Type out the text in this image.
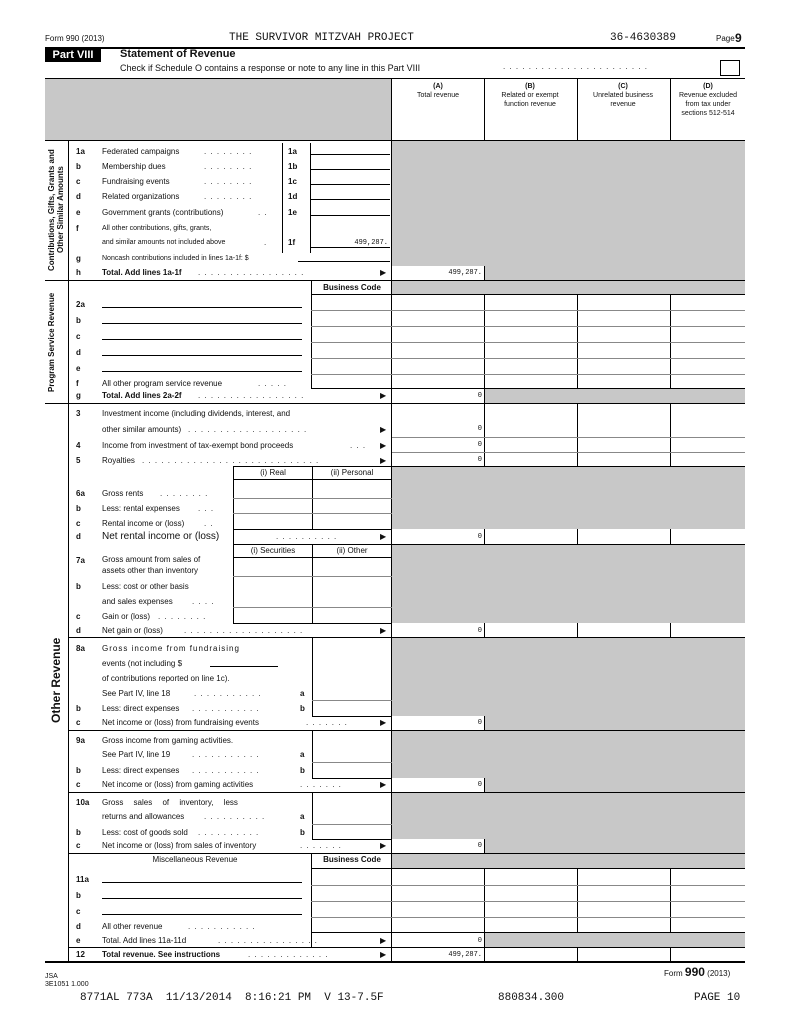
Form 990 (2013)	THE SURVIVOR MITZVAH PROJECT	36-4630389	Page 9
Part VIII	Statement of Revenue
Check if Schedule O contains a response or note to any line in this Part VIII	. . . . . . . . . . . . . . . . . . . . . . .
(A)
Total revenue
(B)
Related or exempt function revenue
(C)
Unrelated business revenue
(D)
Revenue excluded from tax under sections 512-514
Contributions, Gifts, Grants and Other Similar Amounts
1a	Federated campaigns	. . . . . . . .	1a
b	Membership dues	. . . . . . . .	1b
c	Fundraising events	. . . . . . . .	1c
d	Related organizations	. . . . . . . .	1d
e	Government grants (contributions)	. .	1e
f	All other contributions, gifts, grants,
and similar amounts not included above	.	1f	499,287.
g	Noncash contributions included in lines 1a-1f: $
h	Total. Add lines 1a-1f . . . . . . . . . . . . . . . . .	▶	499,287.
Program Service Revenue
Business Code
2a
b
c
d
e
f	All other program service revenue	. . . . .
g	Total. Add lines 2a-2f . . . . . . . . . . . . . . . . .	▶	0
Other Revenue
3	Investment income (including dividends, interest, and
other similar amounts) . . . . . . . . . . . . . . . . . . .	▶	0
4	Income from investment of tax-exempt bond proceeds	. . . ▶	0
5	Royalties . . . . . . . . . . . . . . . . . . . . . . . . . . . .	▶	0
(i) Real	(ii) Personal
6a	Gross rents . . . . . . . .
b	Less: rental expenses . . .
c	Rental income or (loss) . .
d	Net rental income or (loss)	. . . . . . . . . .	▶	0
(i) Securities	(ii) Other
7a	Gross amount from sales of
assets other than inventory
b	Less: cost or other basis
and sales expenses . . . .
c	Gain or (loss) . . . . . . . .
d	Net gain or (loss)	. . . . . . . . . . . . . . . . . . .	▶	0
8a	Gross income from fundraising
events (not including $
of contributions reported on line 1c).
See Part IV, line 18	. . . . . . . . . . .	a
b	Less: direct expenses . . . . . . . . . . .	b
c	Net income or (loss) from fundraising events	. . . . . . .	▶	0
9a	Gross income from gaming activities.
See Part IV, line 19	. . . . . . . . . . .	a
b	Less: direct expenses . . . . . . . . . . .	b
c	Net income or (loss) from gaming activities	. . . . . . .	▶	0
10a	Gross sales of inventory, less
returns and allowances . . . . . . . . . .	a
b	Less: cost of goods sold . . . . . . . . . .	b
c	Net income or (loss) from sales of inventory	. . . . . . .	▶	0
Miscellaneous Revenue	Business Code
11a
b
c
d	All other revenue	. . . . . . . . . . .
e	Total. Add lines 11a-11d	. . . . . . . . . . . . . . . .	▶	0
12	Total revenue. See instructions	. . . . . . . . . . . . .	▶	499,287.
JSA
3E1051 1.000
Form 990 (2013)
8771AL 773A  11/13/2014  8:16:21 PM  V 13-7.5F	880834.300	PAGE 10
